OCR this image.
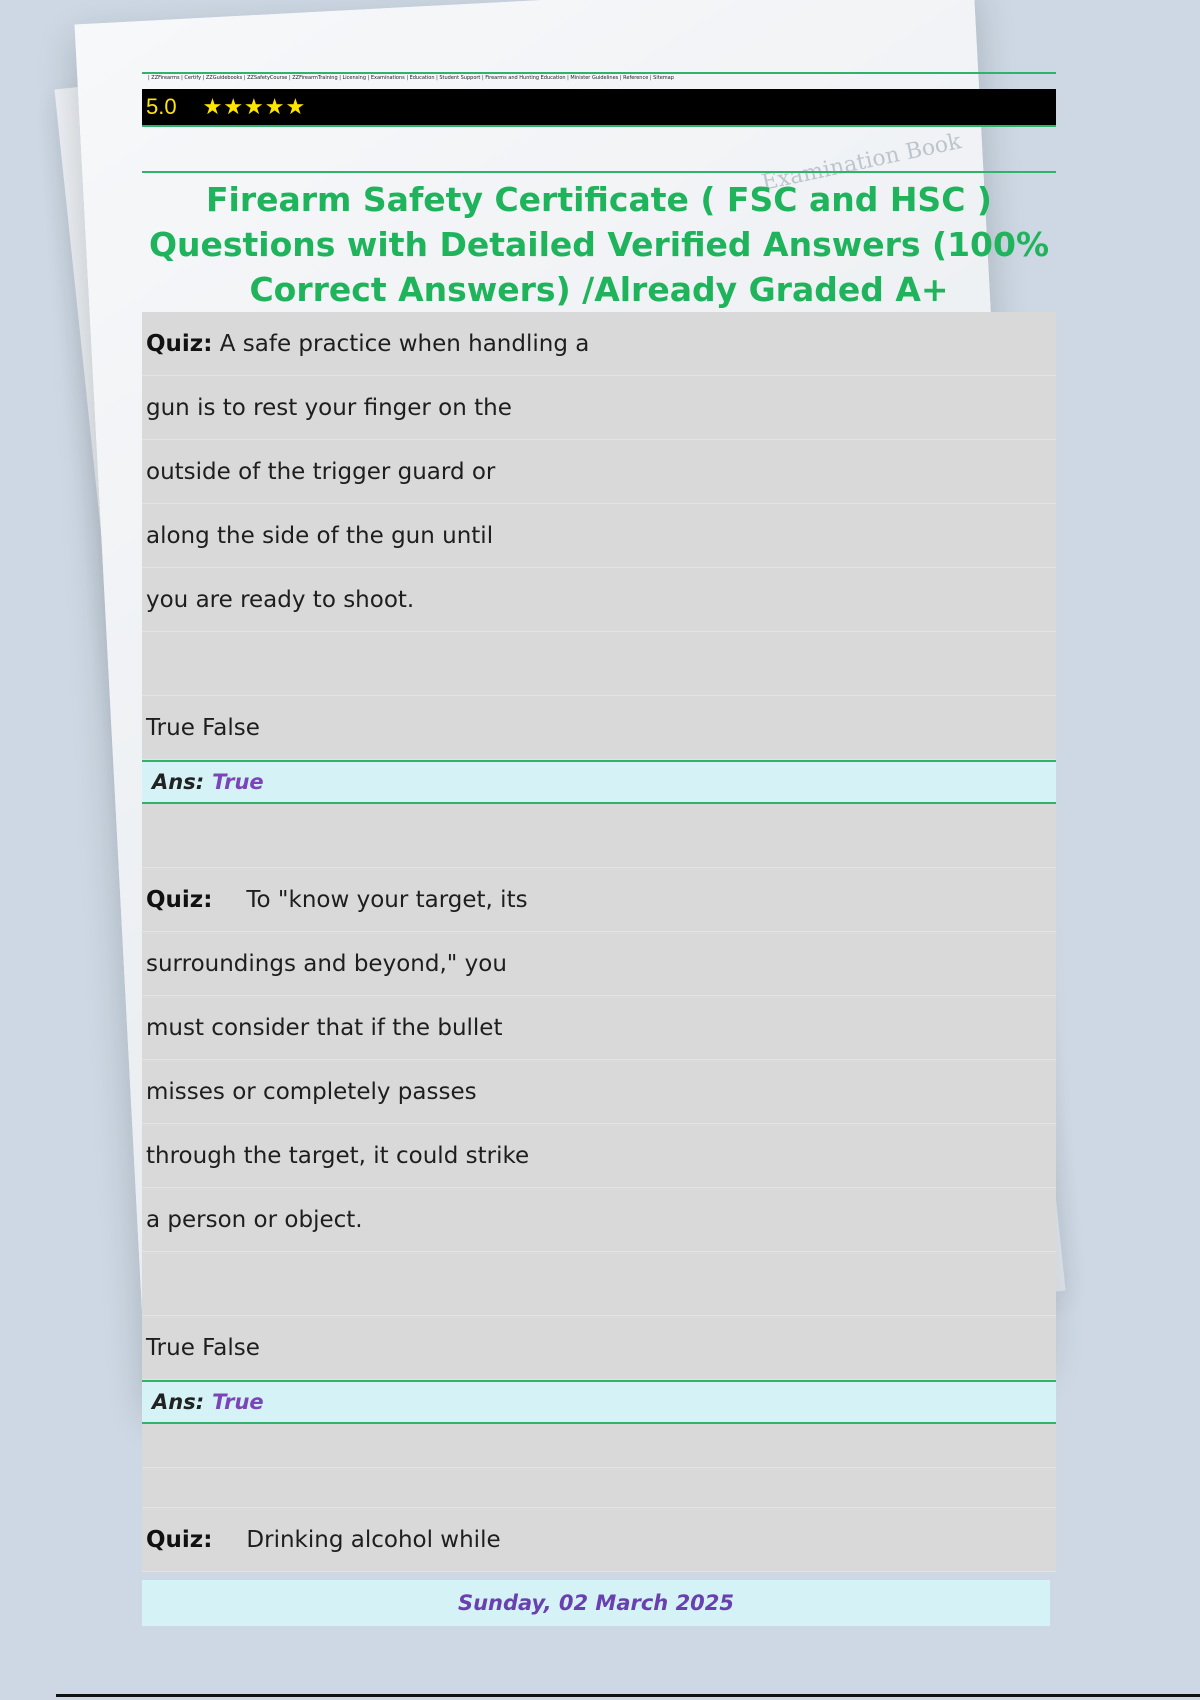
Examination Book
| ZZFirearms | Certify | ZZGuidebooks | ZZSafetyCourse | ZZFirearmTraining | Licensing | Examinations | Education | Student Support | Firearms and Hunting Education | Minister Guidelines | Reference | Sitemap
5.0 ★★★★★
Firearm Safety Certificate ( FSC and HSC ) Questions with Detailed Verified Answers (100% Correct Answers) /Already Graded A+
Quiz:
A safe practice when handling a
gun is to rest your finger on the
outside of the trigger guard or
along the side of the gun until
you are ready to shoot.
True False
Ans: True
Quiz: To "know your target, its
surroundings and beyond," you
must consider that if the bullet
misses or completely passes
through the target, it could strike
a person or object.
True False
Ans: True
Quiz: Drinking alcohol while
Sunday, 02 March 2025
